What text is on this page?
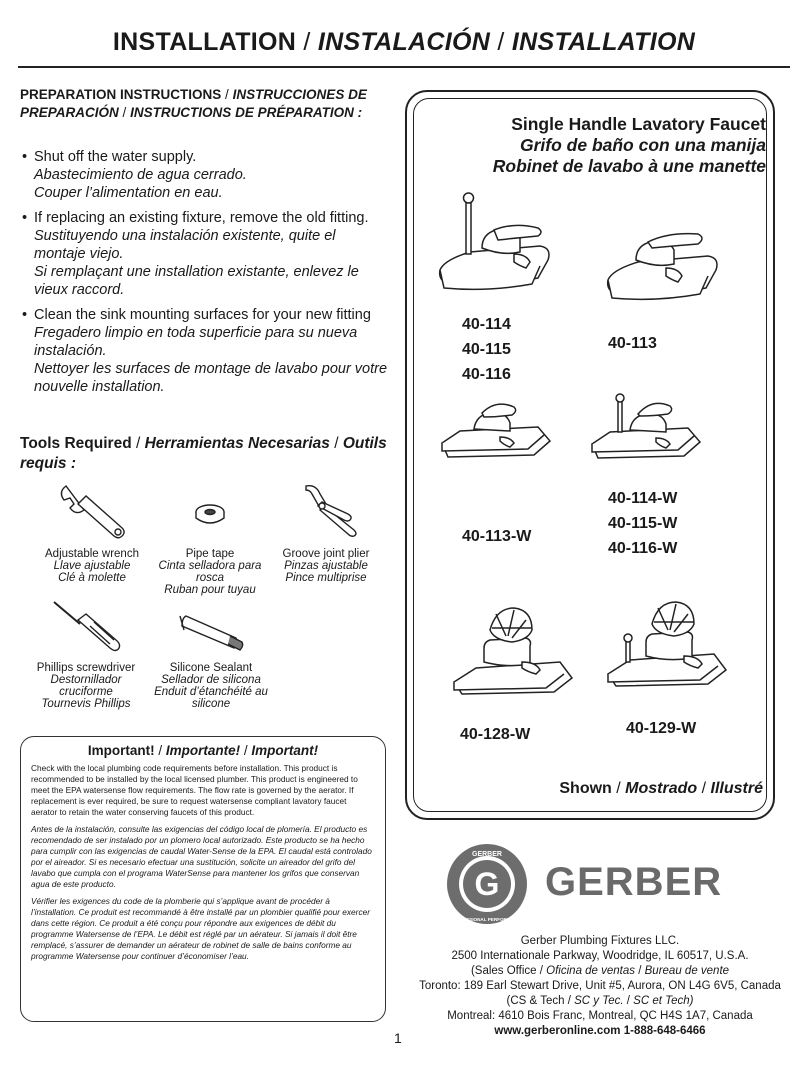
INSTALLATION / INSTALACIÓN / INSTALLATION
PREPARATION INSTRUCTIONS / INSTRUCCIONES DE PREPARACIÓN / INSTRUCTIONS DE PRÉPARATION :
• Shut off the water supply.
Abastecimiento de agua cerrado.
Couper l’alimentation en eau.
• If replacing an existing fixture, remove the old fitting.
Sustituyendo una instalación existente, quite el montaje viejo.
Si remplaçant une installation existante, enlevez le vieux raccord.
• Clean the sink mounting surfaces for your new fitting
Fregadero limpio en toda superficie para su nueva instalación.
Nettoyer les surfaces de montage de lavabo pour votre nouvelle installation.
Tools Required / Herramientas Necesarias / Outils requis :
Adjustable wrench
Llave ajustable
Clé à molette
Pipe tape
Cinta selladora para rosca
Ruban pour tuyau
Groove joint plier
Pinzas ajustable
Pince multiprise
Phillips screwdriver
Destornillador cruciforme
Tournevis Phillips
Silicone Sealant
Sellador de silicona
Enduit d’étanchéité au silicone
Important! / Importante! / Important!

Check with the local plumbing code requirements before installation. This product is recommended to be installed by the local licensed plumber. This product is engineered to meet the EPA watersense flow requirements. The flow rate is governed by the aerator. If replacement is ever required, be sure to request watersense compliant lavatory faucet aerator to retain the water conserving faucets of this product.

Antes de la instalación, consulte las exigencias del código local de plomería. El producto es recomendado de ser instalado por un plomero local autorizado. Este producto se ha hecho para cumplir con las exigencias de caudal Water-Sense de la EPA. El caudal está controlado por el aireador. Si es necesario efectuar una sustitución, solicite un aireador del grifo del lavabo que cumpla con el programa WaterSense para mantener los grifos que conservan agua de este producto.

Vérifier les exigences du code de la plomberie qui s’applique avant de procéder à l’installation. Ce produit est recommandé à être installé par un plombier qualifié pour exercer dans cette région. Ce produit a été conçu pour répondre aux exigences de débit du programme Watersense de l’EPA. Le débit est réglé par un aérateur. Si jamais il doit être remplacé, s’assurer de demander un aérateur de robinet de salle de bains conforme au programme Watersense pour continuer d’économiser l’eau.

Single Handle Lavatory Faucet
Grifo de baño con una manija
Robinet de lavabo à une manette
40-114
40-115
40-116
40-113
40-113-W
40-114-W
40-115-W
40-116-W
40-128-W	40-129-W
Shown / Mostrado / Illustré
GERBER
PROFESSIONAL PERFORMANCE
G GERBER
Gerber Plumbing Fixtures LLC.
2500 Internationale Parkway, Woodridge, IL 60517, U.S.A.
(Sales Office / Oficina de ventas / Bureau de vente
Toronto: 189 Earl Stewart Drive, Unit #5, Aurora, ON L4G 6V5, Canada
(CS & Tech / SC y Tec. / SC et Tech)
Montreal: 4610 Bois Franc, Montreal, QC H4S 1A7, Canada
www.gerberonline.com 1-888-648-6466
1
